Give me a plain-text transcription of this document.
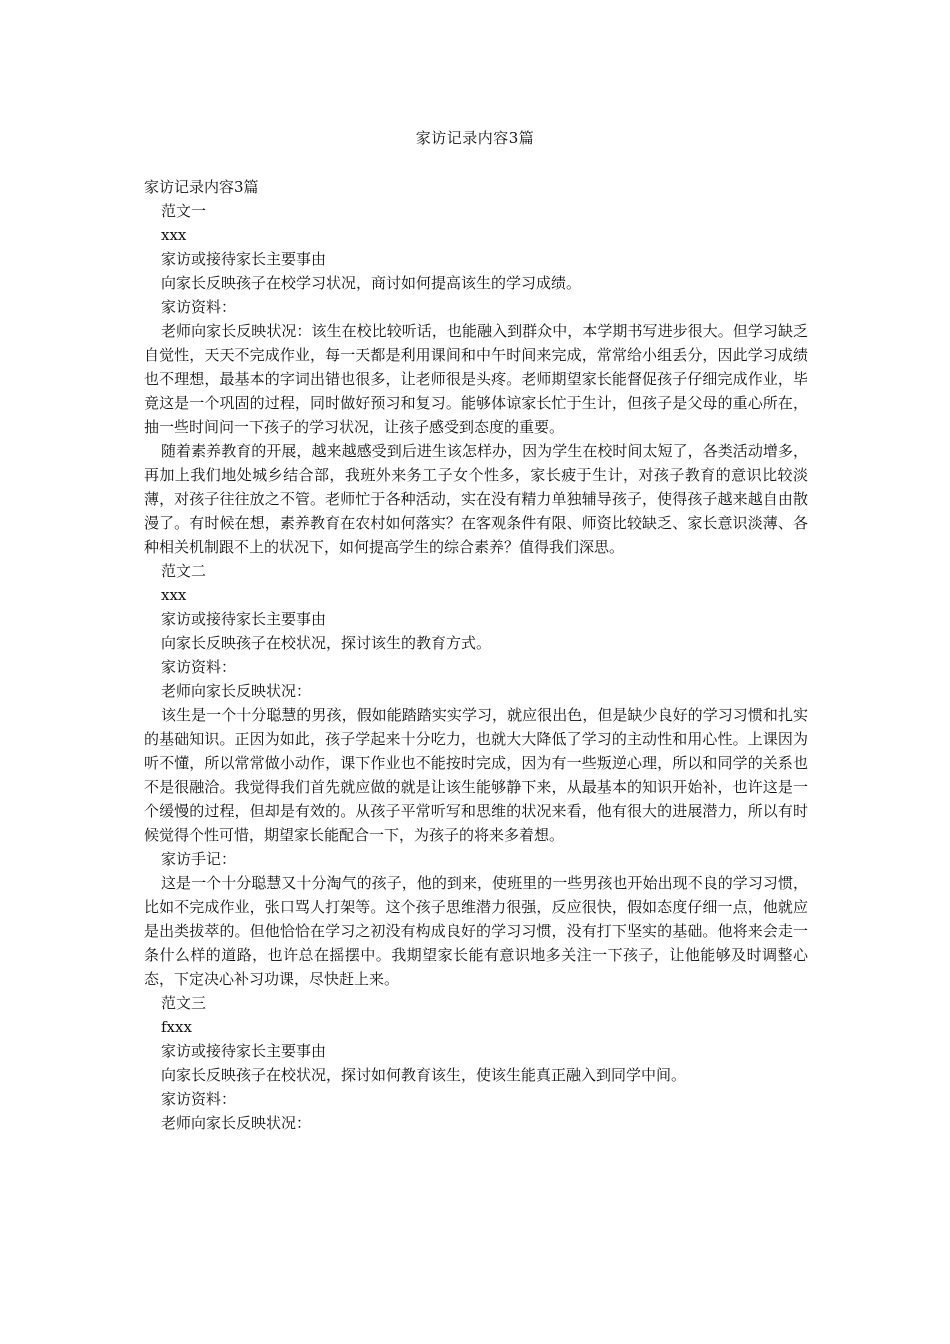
家访记录内容3篇

家访记录内容3篇

范文一

xxx

家访或接待家长主要事由

向家长反映孩子在校学习状况，商讨如何提高该生的学习成绩。

家访资料：

老师向家长反映状况：该生在校比较听话，也能融入到群众中，本学期书写进步很大。但学习缺乏自觉性，天天不完成作业，每一天都是利用课间和中午时间来完成，常常给小组丢分，因此学习成绩也不理想，最基本的字词出错也很多，让老师很是头疼。老师期望家长能督促孩子仔细完成作业，毕竟这是一个巩固的过程，同时做好预习和复习。能够体谅家长忙于生计，但孩子是父母的重心所在，抽一些时间问一下孩子的学习状况，让孩子感受到态度的重要。

随着素养教育的开展，越来越感受到后进生该怎样办，因为学生在校时间太短了，各类活动增多，再加上我们地处城乡结合部，我班外来务工子女个性多，家长疲于生计，对孩子教育的意识比较淡薄，对孩子往往放之不管。老师忙于各种活动，实在没有精力单独辅导孩子，使得孩子越来越自由散漫了。有时候在想，素养教育在农村如何落实？在客观条件有限、师资比较缺乏、家长意识淡薄、各种相关机制跟不上的状况下，如何提高学生的综合素养？值得我们深思。

范文二

xxx

家访或接待家长主要事由

向家长反映孩子在校状况，探讨该生的教育方式。

家访资料：

老师向家长反映状况：

该生是一个十分聪慧的男孩，假如能踏踏实实学习，就应很出色，但是缺少良好的学习习惯和扎实的基础知识。正因为如此，孩子学起来十分吃力，也就大大降低了学习的主动性和用心性。上课因为听不懂，所以常常做小动作，课下作业也不能按时完成，因为有一些叛逆心理，所以和同学的关系也不是很融洽。我觉得我们首先就应做的就是让该生能够静下来，从最基本的知识开始补，也许这是一个缓慢的过程，但却是有效的。从孩子平常听写和思维的状况来看，他有很大的进展潜力，所以有时候觉得个性可惜，期望家长能配合一下，为孩子的将来多着想。

家访手记：

这是一个十分聪慧又十分淘气的孩子，他的到来，使班里的一些男孩也开始出现不良的学习习惯，比如不完成作业，张口骂人打架等。这个孩子思维潜力很强，反应很快，假如态度仔细一点，他就应是出类拔萃的。但他恰恰在学习之初没有构成良好的学习习惯，没有打下坚实的基础。他将来会走一条什么样的道路，也许总在摇摆中。我期望家长能有意识地多关注一下孩子，让他能够及时调整心态，下定决心补习功课，尽快赶上来。

范文三

fxxx

家访或接待家长主要事由

向家长反映孩子在校状况，探讨如何教育该生，使该生能真正融入到同学中间。

家访资料：

老师向家长反映状况：
